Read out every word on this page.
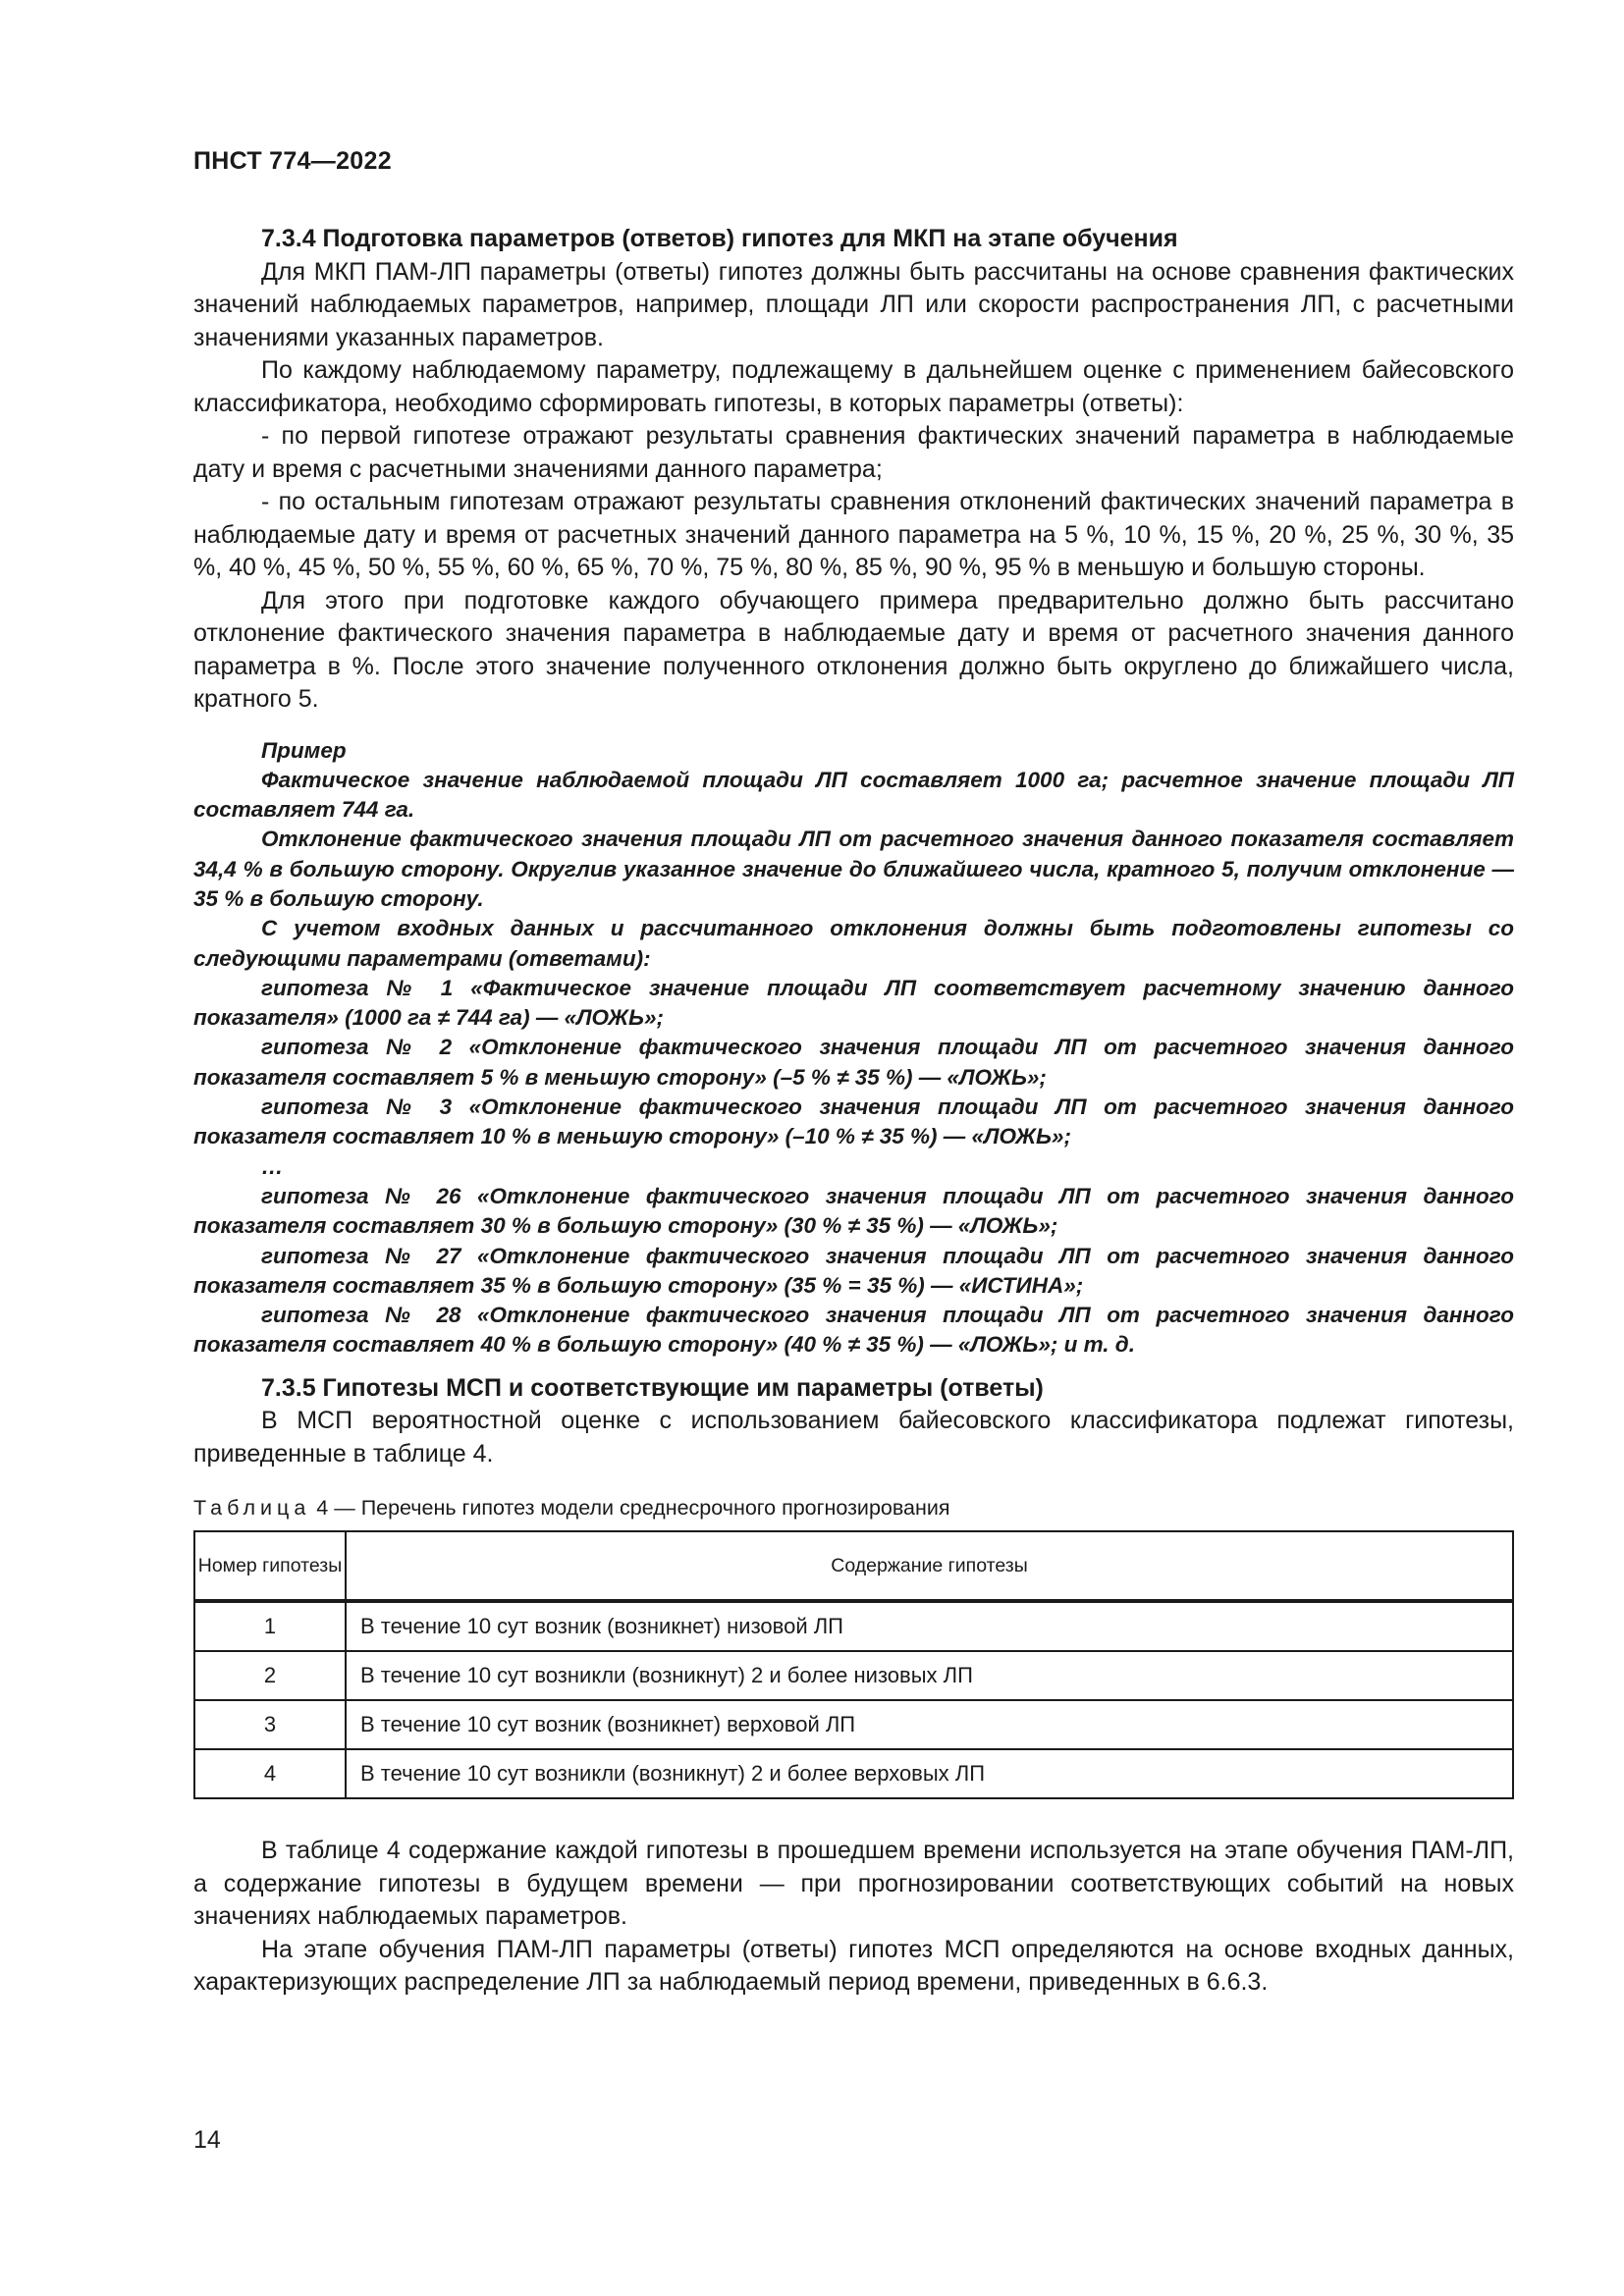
ПНСТ 774—2022

7.3.4 Подготовка параметров (ответов) гипотез для МКП на этапе обучения

Для МКП ПАМ-ЛП параметры (ответы) гипотез должны быть рассчитаны на основе сравнения фактических значений наблюдаемых параметров, например, площади ЛП или скорости распространения ЛП, с расчетными значениями указанных параметров.

По каждому наблюдаемому параметру, подлежащему в дальнейшем оценке с применением байесовского классификатора, необходимо сформировать гипотезы, в которых параметры (ответы):

- по первой гипотезе отражают результаты сравнения фактических значений параметра в наблюдаемые дату и время с расчетными значениями данного параметра;

- по остальным гипотезам отражают результаты сравнения отклонений фактических значений параметра в наблюдаемые дату и время от расчетных значений данного параметра на 5 %, 10 %, 15 %, 20 %, 25 %, 30 %, 35 %, 40 %, 45 %, 50 %, 55 %, 60 %, 65 %, 70 %, 75 %, 80 %, 85 %, 90 %, 95 % в меньшую и большую стороны.

Для этого при подготовке каждого обучающего примера предварительно должно быть рассчитано отклонение фактического значения параметра в наблюдаемые дату и время от расчетного значения данного параметра в %. После этого значение полученного отклонения должно быть округлено до ближайшего числа, кратного 5.

Пример

Фактическое значение наблюдаемой площади ЛП составляет 1000 га; расчетное значение площади ЛП составляет 744 га.

Отклонение фактического значения площади ЛП от расчетного значения данного показателя составляет 34,4 % в большую сторону. Округлив указанное значение до ближайшего числа, кратного 5, получим отклонение — 35 % в большую сторону.

С учетом входных данных и рассчитанного отклонения должны быть подготовлены гипотезы со следующими параметрами (ответами):

гипотеза № 1 «Фактическое значение площади ЛП соответствует расчетному значению данного показателя» (1000 га ≠ 744 га) — «ЛОЖЬ»;

гипотеза № 2 «Отклонение фактического значения площади ЛП от расчетного значения данного показателя составляет 5 % в меньшую сторону» (–5 % ≠ 35 %) — «ЛОЖЬ»;

гипотеза № 3 «Отклонение фактического значения площади ЛП от расчетного значения данного показателя составляет 10 % в меньшую сторону» (–10 % ≠ 35 %) — «ЛОЖЬ»;

…

гипотеза № 26 «Отклонение фактического значения площади ЛП от расчетного значения данного показателя составляет 30 % в большую сторону» (30 % ≠ 35 %) — «ЛОЖЬ»;

гипотеза № 27 «Отклонение фактического значения площади ЛП от расчетного значения данного показателя составляет 35 % в большую сторону» (35 % = 35 %) — «ИСТИНА»;

гипотеза № 28 «Отклонение фактического значения площади ЛП от расчетного значения данного показателя составляет 40 % в большую сторону» (40 % ≠ 35 %) — «ЛОЖЬ»; и т. д.

7.3.5 Гипотезы МСП и соответствующие им параметры (ответы)

В МСП вероятностной оценке с использованием байесовского классификатора подлежат гипотезы, приведенные в таблице 4.

Таблица 4 — Перечень гипотез модели среднесрочного прогнозирования
Номер гипотезы	Содержание гипотезы
1	В течение 10 сут возник (возникнет) низовой ЛП
2	В течение 10 сут возникли (возникнут) 2 и более низовых ЛП
3	В течение 10 сут возник (возникнет) верховой ЛП
4	В течение 10 сут возникли (возникнут) 2 и более верховых ЛП

В таблице 4 содержание каждой гипотезы в прошедшем времени используется на этапе обучения ПАМ-ЛП, а содержание гипотезы в будущем времени — при прогнозировании соответствующих событий на новых значениях наблюдаемых параметров.

На этапе обучения ПАМ-ЛП параметры (ответы) гипотез МСП определяются на основе входных данных, характеризующих распределение ЛП за наблюдаемый период времени, приведенных в 6.6.3.

14
